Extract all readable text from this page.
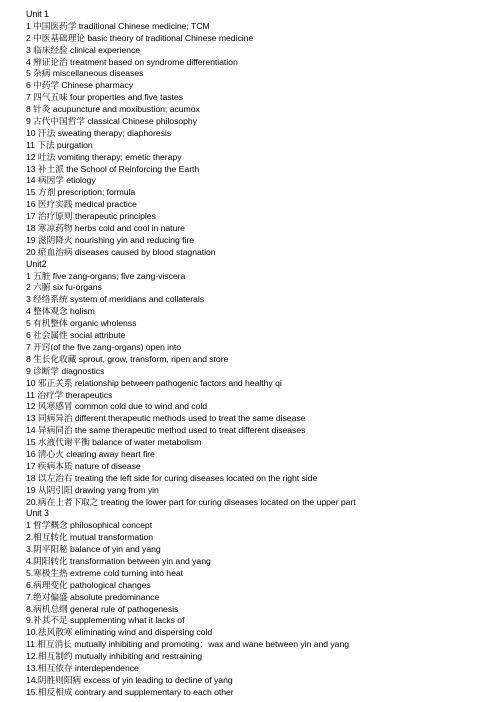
Unit 1
1 中国医药学 traditional Chinese medicine; TCM
2 中医基础理论 basic theory of traditional Chinese medicine
3 临床经验 clinical experience
4 辨证论治 treatment based on syndrome differentiation
5 杂病 miscellaneous diseases
6 中药学 Chinese pharmacy
7 四气五味 four properties and five tastes
8 针灸 acupuncture and moxibustion; acumox
9 古代中国哲学 classical Chinese philosophy
10 汗法 sweating therapy; diaphoresis
11 下法 purgation
12 吐法 vomiting therapy; emetic therapy
13 补土派 the School of Reinforcing the Earth
14 病因学 etiology
15 方剂 prescription; formula
16 医疗实践 medical practice
17 治疗原则 therapeutic principles
18 寒凉药物 herbs cold and cool in nature
19 滋阴降火 nourishing yin and reducing fire
20 瘀血治病 diseases caused by blood stagnation
Unit2
1 五脏 five zang-organs; five zang-viscera
2 六腑 six fu-organs
3 经络系统 system of meridians and collaterals
4 整体观念 holism
5 有机整体 organic wholenss
6 社会属性 social attribute
7 开窍(of the five zang-organs) open into
8 生长化收藏 sprout, grow, transform, ripen and store
9 诊断学 diagnostics
10 邪正关系 relationship between pathogenic factors and healthy qi
11 治疗学 therapeutics
12 风寒感冒 common cold due to wind and cold
13 同病异治 different therapeutic methods used to treat the same disease
14 异病同治 the same therapeutic method used to treat different diseases
15 水液代谢平衡 balance of water metabolism
16 清心火 clearing away heart fire
17 疾病本质 nature of disease
18 以左治右 treating the left side for curing diseases located on the right side
19 从阴引阳 drawing yang from yin
20.病在上者下取之 treating the lower part for curing diseases located on the upper part
Unit 3
1 哲学概念 philosophical concept
2.相互转化 mutual transformation
3.阴平阳秘 balance of yin and yang
4.阴阳转化 transformation between yin and yang
5.寒极生热 extreme cold turning into heat
6.病理变化 pathological changes
7.绝对偏盛 absolute predominance
8.病机总纲 general rule of pathogenesis
9.补其不足 supplementing what it lacks of
10.祛风散寒 eliminating wind and dispersing cold
11.相互消长 mutually inhibiting and promoting；wax and wane between yin and yang
12.相互制约 mutually inhibiting and restraining
13.相互依存 interdependence
14.阴胜则阳病 excess of yin leading to decline of yang
15.相反相成 contrary and supplementary to each other
